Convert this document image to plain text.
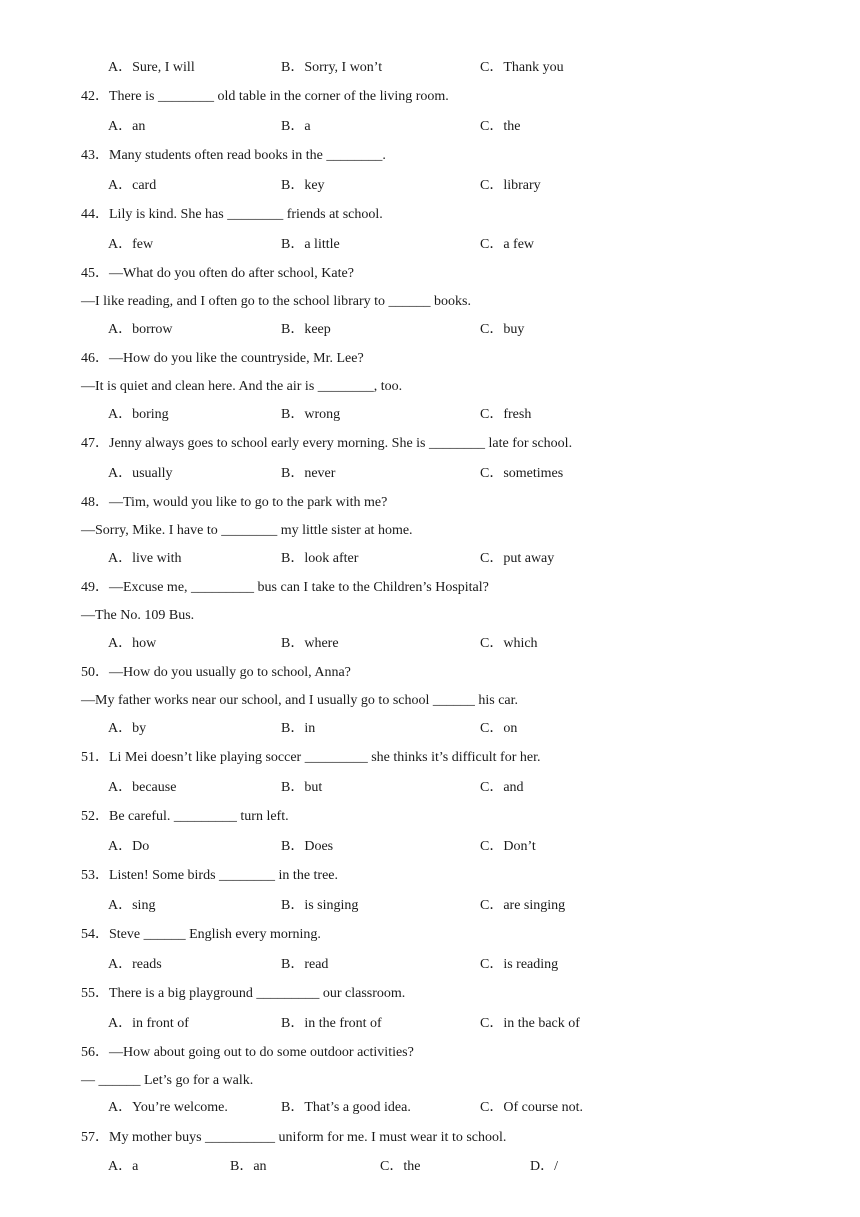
A．Sure, I will	B．Sorry, I won’t	C．Thank you
42．There is ________ old table in the corner of the living room.
A．an	B．a	C．the
43．Many students often read books in the ________.
A．card	B．key	C．library
44．Lily is kind. She has ________ friends at school.
A．few	B．a little	C．a few
45．—What do you often do after school, Kate?
—I like reading, and I often go to the school library to ______ books.
A．borrow	B．keep	C．buy
46．—How do you like the countryside, Mr. Lee?
—It is quiet and clean here. And the air is ________, too.
A．boring	B．wrong	C．fresh
47．Jenny always goes to school early every morning. She is ________ late for school.
A．usually	B．never	C．sometimes
48．—Tim, would you like to go to the park with me?
—Sorry, Mike. I have to ________ my little sister at home.
A．live with	B．look after	C．put away
49．—Excuse me, _________ bus can I take to the Children’s Hospital?
—The No. 109 Bus.
A．how	B．where	C．which
50．—How do you usually go to school, Anna?
—My father works near our school, and I usually go to school ______ his car.
A．by	B．in	C．on
51．Li Mei doesn’t like playing soccer _________ she thinks it’s difficult for her.
A．because	B．but	C．and
52．Be careful. _________ turn left.
A．Do	B．Does	C．Don’t
53．Listen! Some birds ________ in the tree.
A．sing	B．is singing	C．are singing
54．Steve ______ English every morning.
A．reads	B．read	C．is reading
55．There is a big playground _________ our classroom.
A．in front of	B．in the front of	C．in the back of
56．—How about going out to do some outdoor activities?
— ______ Let’s go for a walk.
A．You’re welcome.	B．That’s a good idea.	C．Of course not.
57．My mother buys __________ uniform for me. I must wear it to school.
A．a	B．an	C．the	D．/
